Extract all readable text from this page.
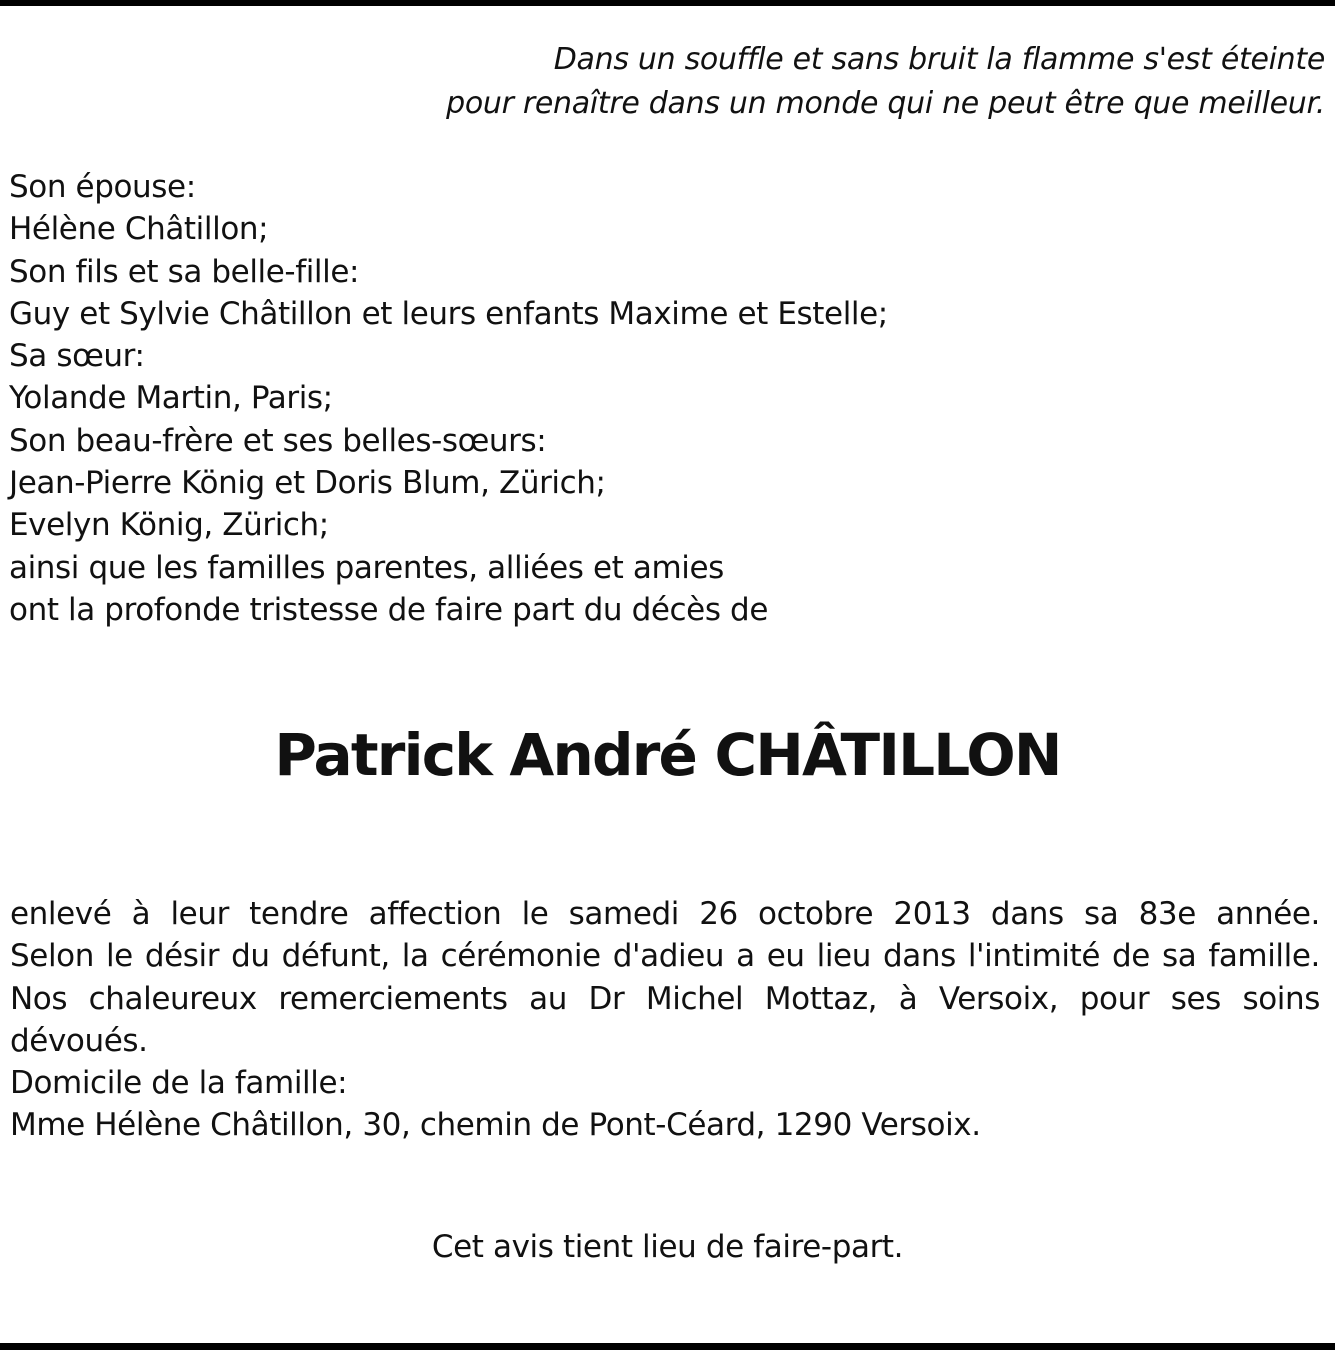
Dans un souffle et sans bruit la flamme s'est éteinte
pour renaître dans un monde qui ne peut être que meilleur.
Son épouse:
Hélène Châtillon;
Son fils et sa belle-fille:
Guy et Sylvie Châtillon et leurs enfants Maxime et Estelle;
Sa sœur:
Yolande Martin, Paris;
Son beau-frère et ses belles-sœurs:
Jean-Pierre König et Doris Blum, Zürich;
Evelyn König, Zürich;
ainsi que les familles parentes, alliées et amies
ont la profonde tristesse de faire part du décès de
Patrick André CHÂTILLON

enlevé à leur tendre affection le samedi 26 octobre 2013 dans sa 83e année.

Selon le désir du défunt, la cérémonie d'adieu a eu lieu dans l'intimité de sa famille.

Nos chaleureux remerciements au Dr Michel Mottaz, à Versoix, pour ses soins dévoués.

Domicile de la famille:
Mme Hélène Châtillon, 30, chemin de Pont-Céard, 1290 Versoix.
Cet avis tient lieu de faire-part.
